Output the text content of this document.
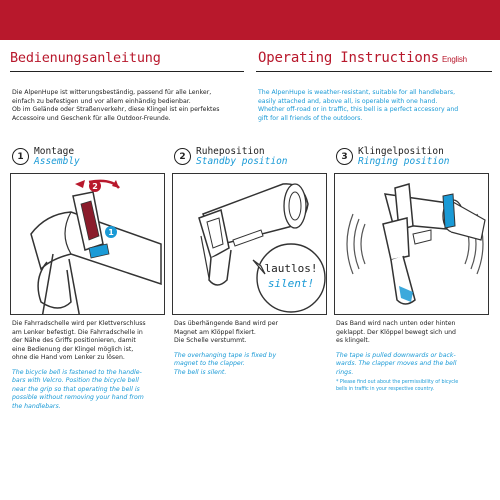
Bedienungsanleitung	Operating Instructions English

Die AlpenHupe ist witterungsbeständig, passend für alle Lenker,
einfach zu befestigen und vor allem einhändig bedienbar.
Ob im Gelände oder Straßenverkehr, diese Klingel ist ein perfektes
Accessoire und Geschenk für alle Outdoor-Freunde.

The AlpenHupe is weather-resistant, suitable for all handlebars,
easily attached and, above all, is operable with one hand.
Whether off-road or in traffic, this bell is a perfect accessory and
gift for all friends of the outdoors.

1	Montage
Assembly
2
1
Die Fahrradschelle wird per Klettverschluss
am Lenker befestigt. Die Fahrradschelle in
der Nähe des Griffs positionieren, damit
eine Bedienung der Klingel möglich ist,
ohne die Hand vom Lenker zu lösen.
The bicycle bell is fastened to the handle-
bars with Velcro. Position the bicycle bell
near the grip so that operating the bell is
possible without removing your hand from
the handlebars.
2	Ruheposition
Standby position
lautlos!
silent!
Das überhängende Band wird per
Magnet am Klöppel fixiert.
Die Schelle verstummt.
The overhanging tape is fixed by
magnet to the clapper.
The bell is silent.
3	Klingelposition
Ringing position
Das Band wird nach unten oder hinten
geklappt. Der Klöppel bewegt sich und
es klingelt.
The tape is pulled downwards or back-
wards. The clapper moves and the bell
rings.
* Please find out about the permissibility of bicycle
bells in traffic in your respective country.
